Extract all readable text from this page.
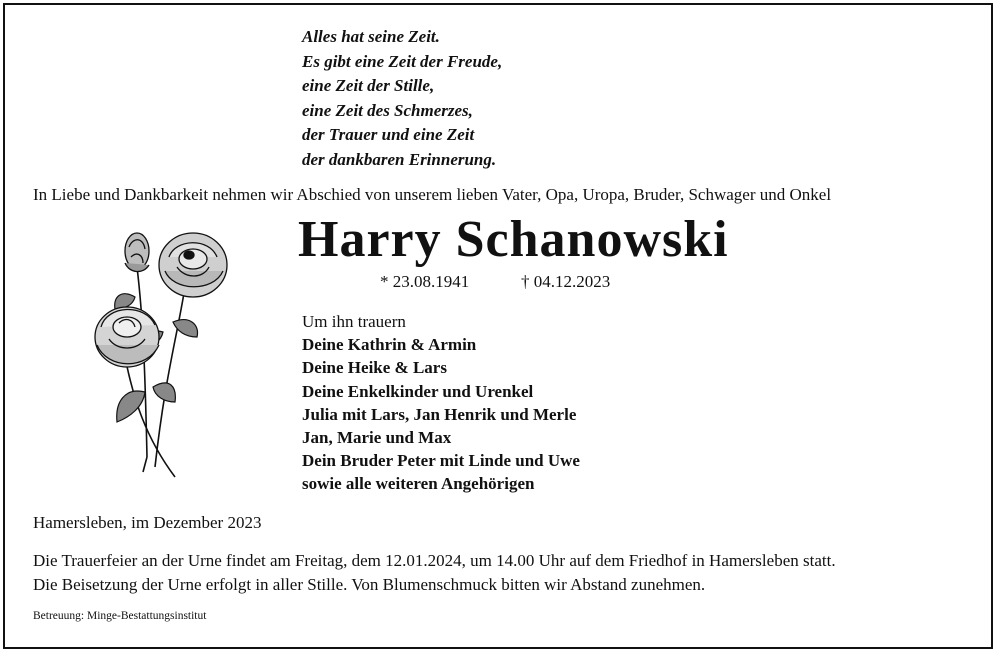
Alles hat seine Zeit.
Es gibt eine Zeit der Freude,
eine Zeit der Stille,
eine Zeit des Schmerzes,
der Trauer und eine Zeit
der dankbaren Erinnerung.
In Liebe und Dankbarkeit nehmen wir Abschied von unserem lieben Vater, Opa, Uropa, Bruder, Schwager und Onkel
Harry Schanowski
* 23.08.1941	† 04.12.2023
Um ihn trauern
Deine Kathrin & Armin
Deine Heike & Lars
Deine Enkelkinder und Urenkel
Julia mit Lars, Jan Henrik und Merle
Jan, Marie und Max
Dein Bruder Peter mit Linde und Uwe
sowie alle weiteren Angehörigen
Hamersleben, im Dezember 2023
Die Trauerfeier an der Urne findet am Freitag, dem 12.01.2024, um 14.00 Uhr auf dem Friedhof in Hamersleben statt.
Die Beisetzung der Urne erfolgt in aller Stille. Von Blumenschmuck bitten wir Abstand zunehmen.
Betreuung: Minge-Bestattungsinstitut
